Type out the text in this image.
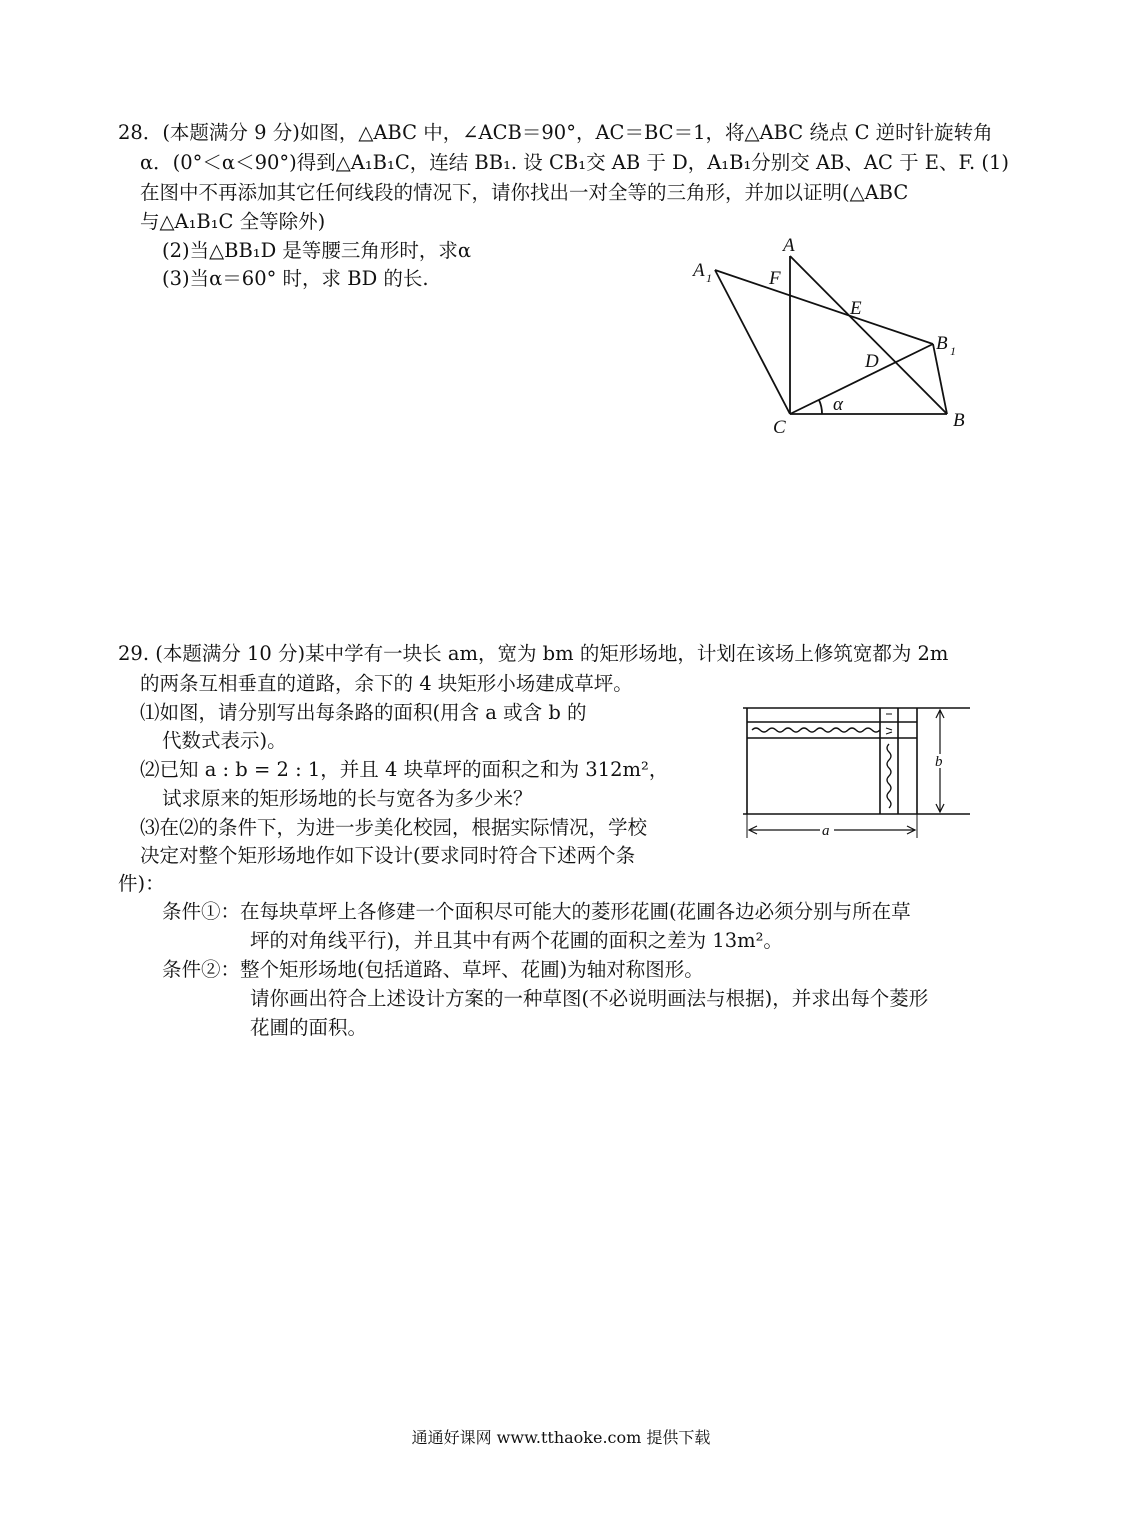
28．(本题满分 9 分)如图，△ABC 中，∠ACB＝90°，AC＝BC＝1，将△ABC 绕点 C 逆时针旋转角
α．(0°＜α＜90°)得到△A₁B₁C，连结 BB₁. 设 CB₁交 AB 于 D，A₁B₁分别交 AB、AC 于 E、F. (1)
在图中不再添加其它任何线段的情况下，请你找出一对全等的三角形，并加以证明(△ABC
与△A₁B₁C 全等除外)
(2)当△BB₁D 是等腰三角形时，求α
(3)当α＝60° 时，求 BD 的长.
A
A 1	F
E
B 1
D
α
C	B
29. (本题满分 10 分)某中学有一块长 am，宽为 bm 的矩形场地，计划在该场上修筑宽都为 2m
的两条互相垂直的道路，余下的 4 块矩形小场建成草坪。
⑴如图，请分别写出每条路的面积(用含 a 或含 b 的
代数式表示)。
⑵已知 a : b = 2 : 1，并且 4 块草坪的面积之和为 312m²，
试求原来的矩形场地的长与宽各为多少米？
⑶在⑵的条件下，为进一步美化校园，根据实际情况，学校
决定对整个矩形场地作如下设计(要求同时符合下述两个条
件)：
条件①：在每块草坪上各修建一个面积尽可能大的菱形花圃(花圃各边必须分别与所在草
坪的对角线平行)，并且其中有两个花圃的面积之差为 13m²。
条件②：整个矩形场地(包括道路、草坪、花圃)为轴对称图形。
请你画出符合上述设计方案的一种草图(不必说明画法与根据)，并求出每个菱形
花圃的面积。
a
b
通通好课网 www.tthaoke.com 提供下载
